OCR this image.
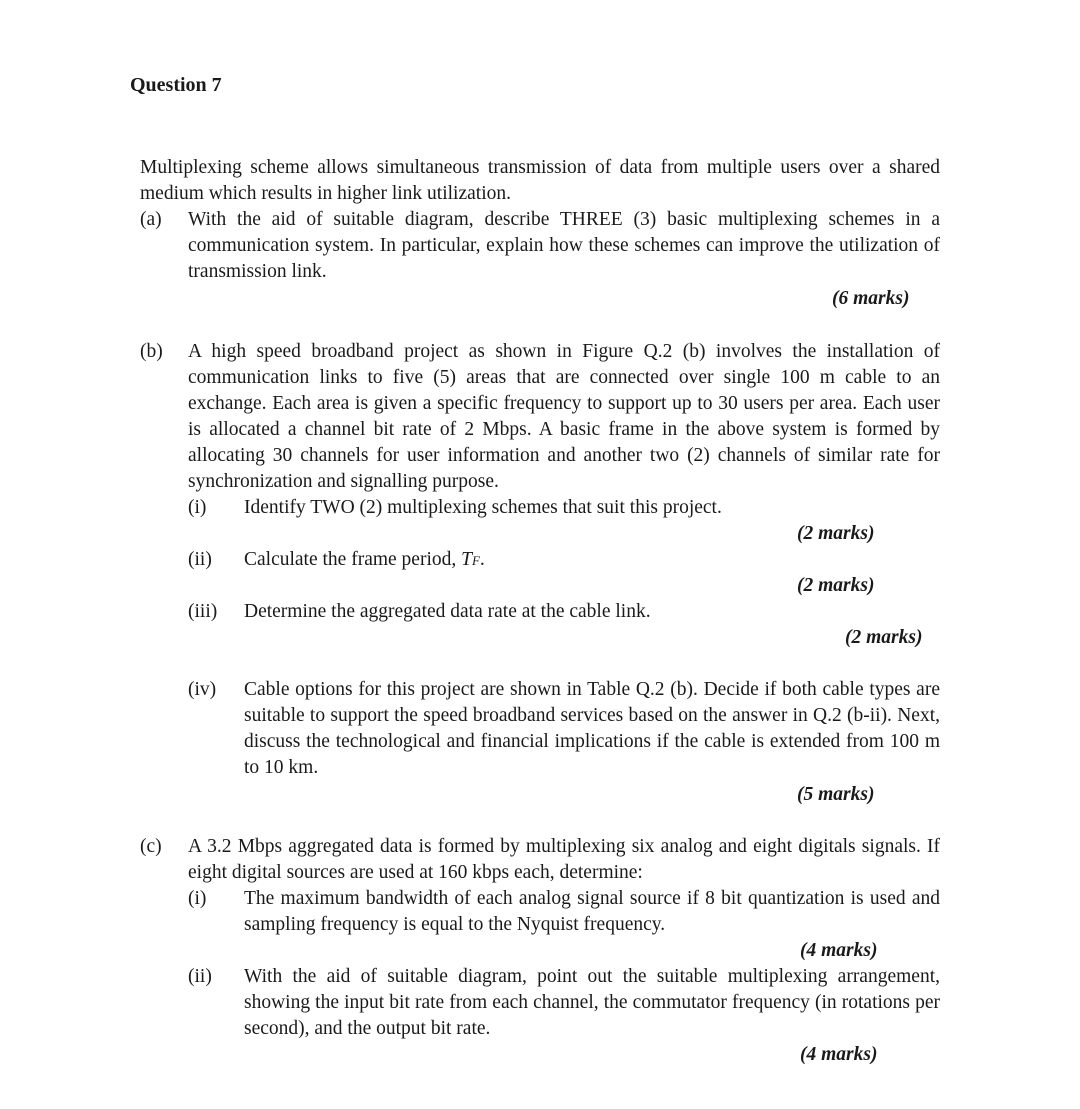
Question 7
Multiplexing scheme allows simultaneous transmission of data from multiple users over a shared medium which results in higher link utilization.
(a) With the aid of suitable diagram, describe THREE (3) basic multiplexing schemes in a communication system. In particular, explain how these schemes can improve the utilization of transmission link.
(6 marks)
(b) A high speed broadband project as shown in Figure Q.2 (b) involves the installation of communication links to five (5) areas that are connected over single 100 m cable to an exchange. Each area is given a specific frequency to support up to 30 users per area. Each user is allocated a channel bit rate of 2 Mbps. A basic frame in the above system is formed by allocating 30 channels for user information and another two (2) channels of similar rate for synchronization and signalling purpose.
(i) Identify TWO (2) multiplexing schemes that suit this project.
(2 marks)
(ii) Calculate the frame period, TF.
(2 marks)
(iii) Determine the aggregated data rate at the cable link.
(2 marks)
(iv) Cable options for this project are shown in Table Q.2 (b). Decide if both cable types are suitable to support the speed broadband services based on the answer in Q.2 (b-ii). Next, discuss the technological and financial implications if the cable is extended from 100 m to 10 km.
(5 marks)
(c) A 3.2 Mbps aggregated data is formed by multiplexing six analog and eight digitals signals. If eight digital sources are used at 160 kbps each, determine:
(i) The maximum bandwidth of each analog signal source if 8 bit quantization is used and sampling frequency is equal to the Nyquist frequency.
(4 marks)
(ii) With the aid of suitable diagram, point out the suitable multiplexing arrangement, showing the input bit rate from each channel, the commutator frequency (in rotations per second), and the output bit rate.
(4 marks)
